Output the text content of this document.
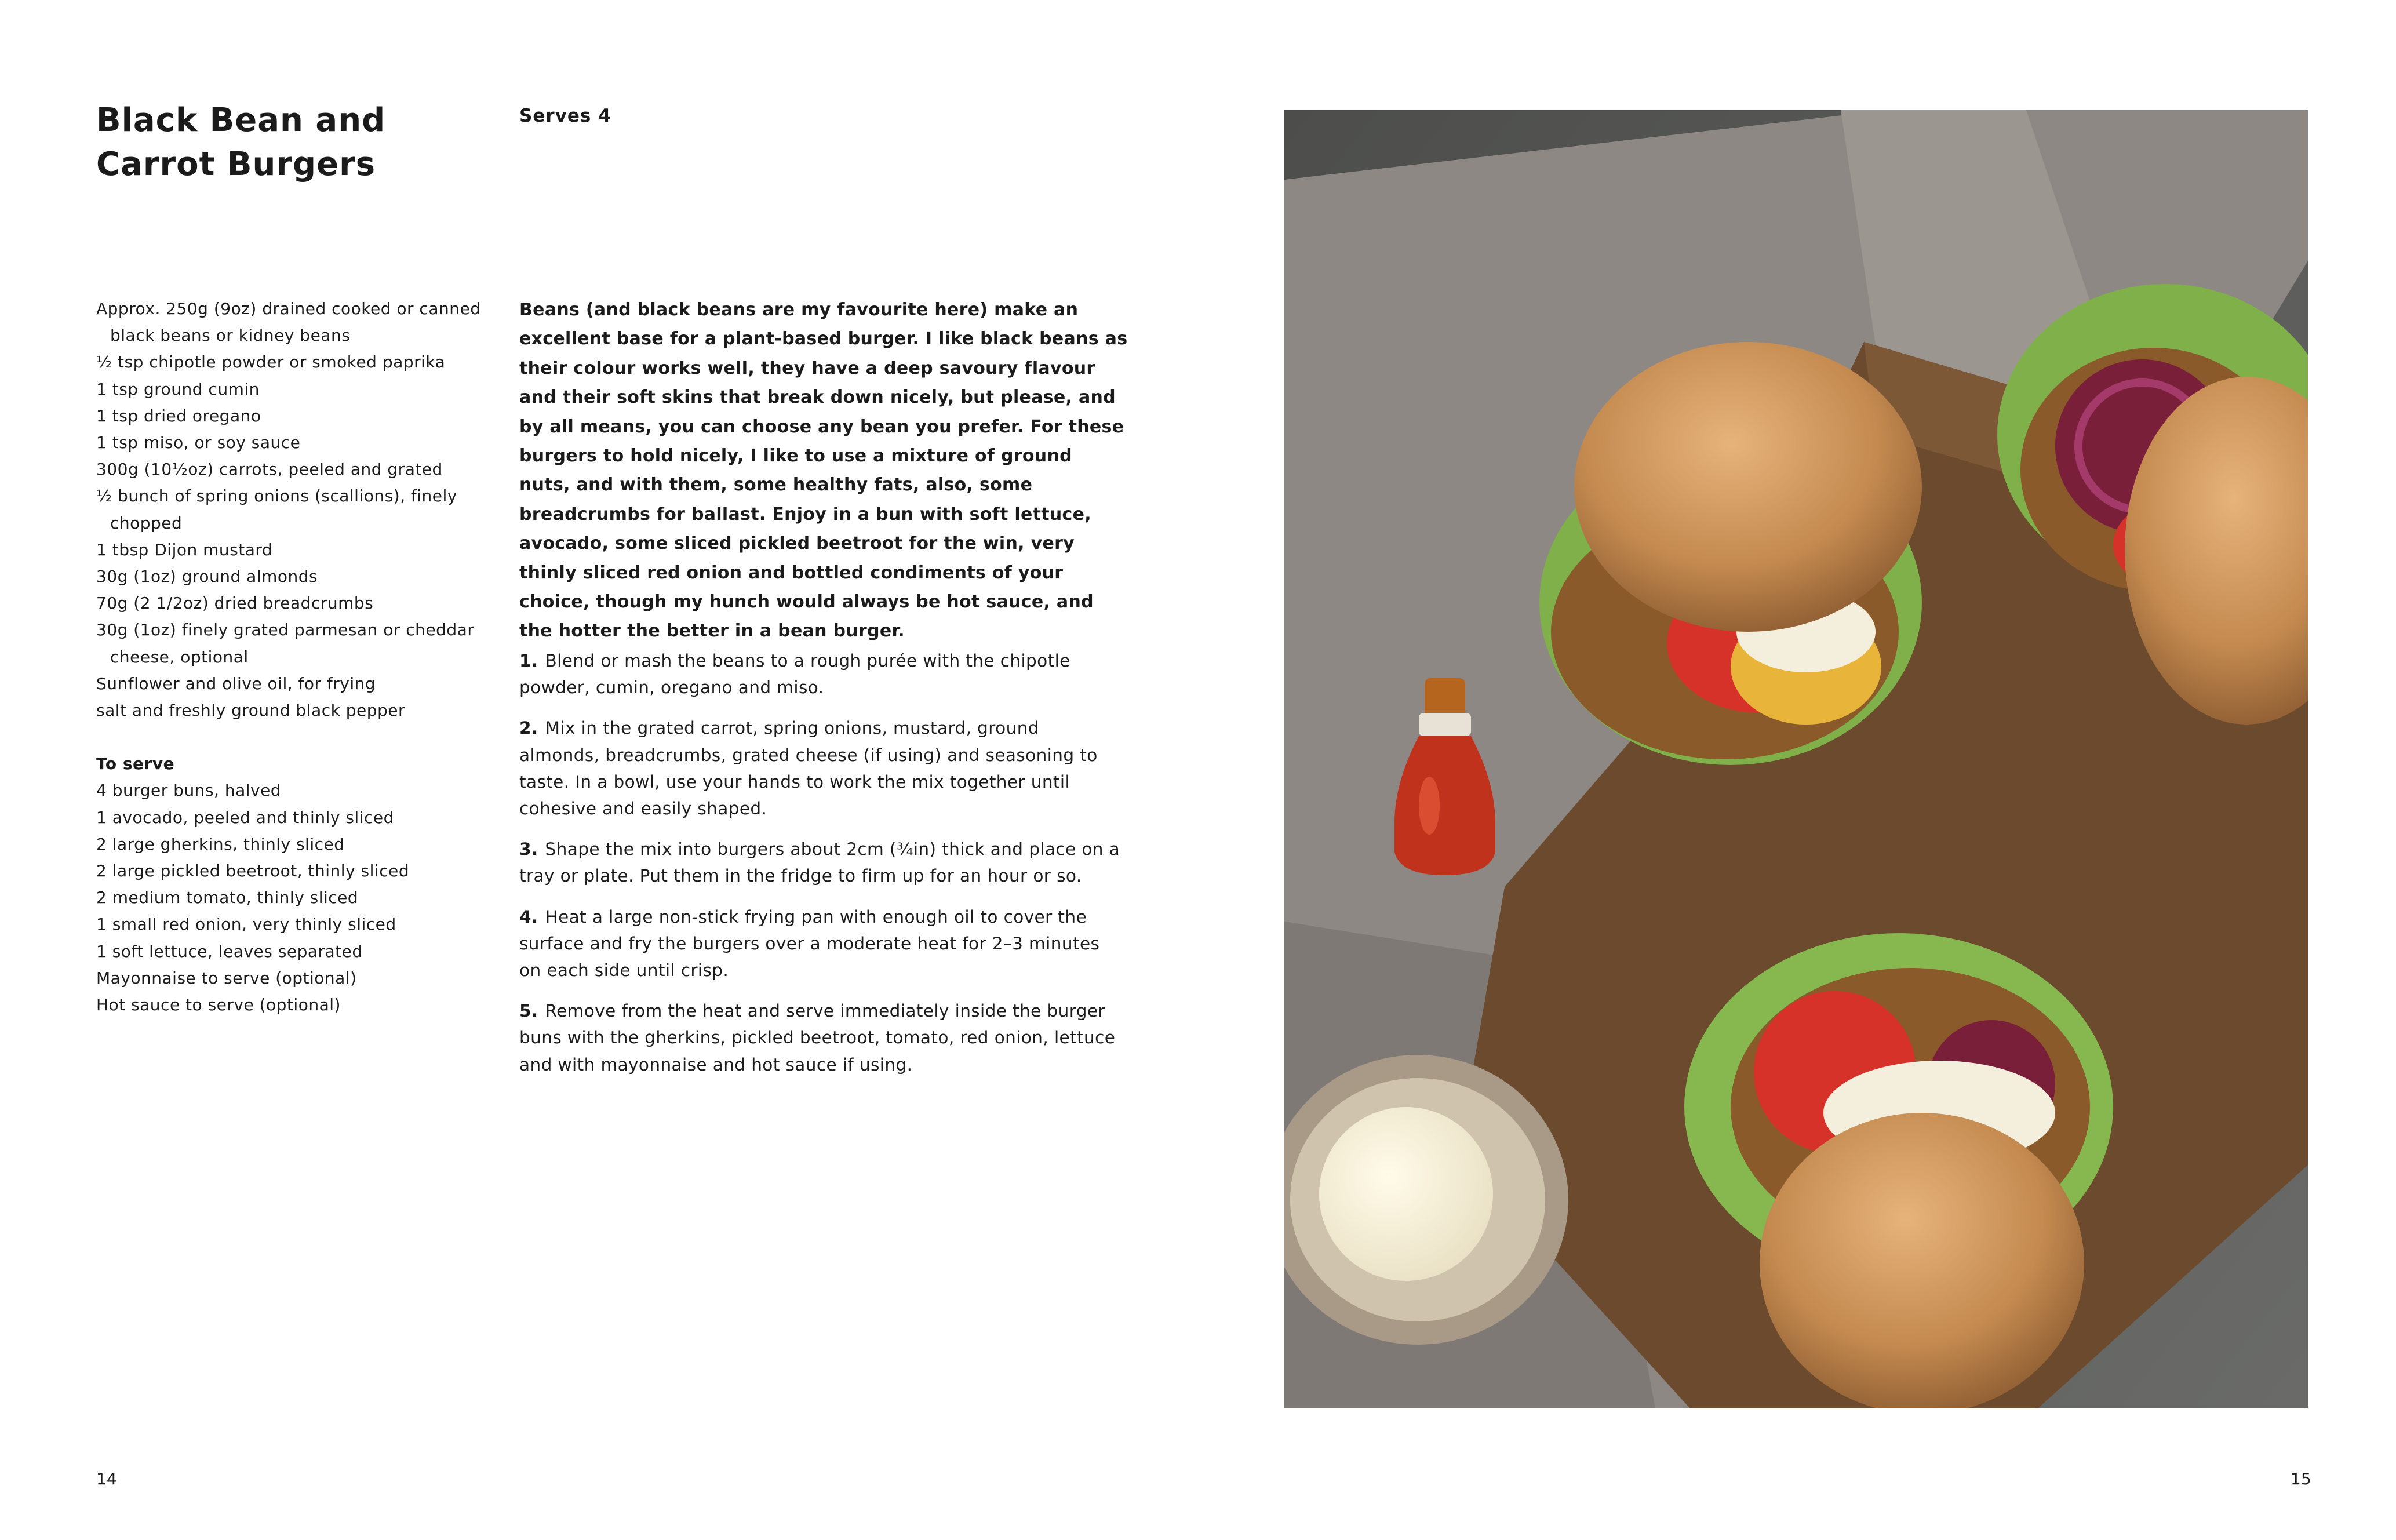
Black Bean and
Carrot Burgers
Serves 4
Approx. 250g (9oz) drained cooked or canned black beans or kidney beans
½ tsp chipotle powder or smoked paprika
1 tsp ground cumin
1 tsp dried oregano
1 tsp miso, or soy sauce
300g (10½oz) carrots, peeled and grated
½ bunch of spring onions (scallions), finely chopped
1 tbsp Dijon mustard
30g (1oz) ground almonds
70g (2 1/2oz) dried breadcrumbs
30g (1oz) finely grated parmesan or cheddar cheese, optional
Sunflower and olive oil, for frying
salt and freshly ground black pepper
To serve
4 burger buns, halved
1 avocado, peeled and thinly sliced
2 large gherkins, thinly sliced
2 large pickled beetroot, thinly sliced
2 medium tomato, thinly sliced
1 small red onion, very thinly sliced
1 soft lettuce, leaves separated
Mayonnaise to serve (optional)
Hot sauce to serve (optional)

Beans (and black beans are my favourite here) make an excellent base for a plant-based burger. I like black beans as their colour works well, they have a deep savoury flavour and their soft skins that break down nicely, but please, and by all means, you can choose any bean you prefer. For these burgers to hold nicely, I like to use a mixture of ground nuts, and with them, some healthy fats, also, some breadcrumbs for ballast. Enjoy in a bun with soft lettuce, avocado, some sliced pickled beetroot for the win, very thinly sliced red onion and bottled condiments of your choice, though my hunch would always be hot sauce, and the hotter the better in a bean burger.

1. Blend or mash the beans to a rough purée with the chipotle powder, cumin, oregano and miso.

2. Mix in the grated carrot, spring onions, mustard, ground almonds, breadcrumbs, grated cheese (if using) and seasoning to taste. In a bowl, use your hands to work the mix together until cohesive and easily shaped.

3. Shape the mix into burgers about 2cm (¾in) thick and place on a tray or plate. Put them in the fridge to firm up for an hour or so.

4. Heat a large non-stick frying pan with enough oil to cover the surface and fry the burgers over a moderate heat for 2–3 minutes on each side until crisp.

5. Remove from the heat and serve immediately inside the burger buns with the gherkins, pickled beetroot, tomato, red onion, lettuce and with mayonnaise and hot sauce if using.

14	15
